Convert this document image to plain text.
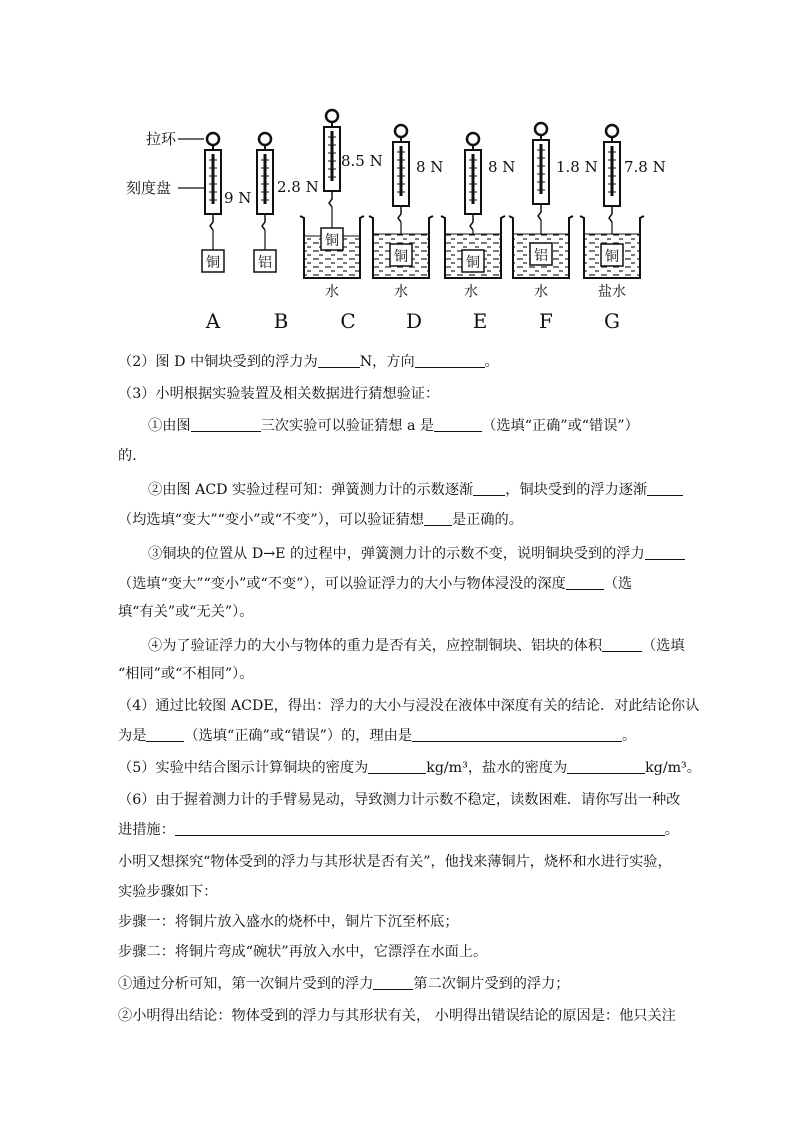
拉环
刻度盘
铜
9 N
A
铝
2.8 N
B
铜
8.5 N
水
C
铜
8 N
水
D
铜
8 N
水
E
铝
1.8 N
水
F
铜
7.8 N
盐水
G
（2）图 D 中铜块受到的浮力为	N，方向	。
（3）小明根据实验装置及相关数据进行猜想验证：
①由图	三次实验可以验证猜想 a 是	（选填“正确”或“错误”）
的.
②由图 ACD 实验过程可知：弹簧测力计的示数逐渐 ，铜块受到的浮力逐渐
（均选填“变大”“变小”或“不变”），可以验证猜想 是正确的。
③铜块的位置从 D→E 的过程中，弹簧测力计的示数不变，说明铜块受到的浮力
（选填“变大”“变小”或“不变”），可以验证浮力的大小与物体浸没的深度	（选
填“有关”或“无关”）。
④为了验证浮力的大小与物体的重力是否有关，应控制铜块、铝块的体积	（选填
“相同”或“不相同”）。
（4）通过比较图 ACDE，得出：浮力的大小与浸没在液体中深度有关的结论．对此结论你认
为是	（选填“正确”或“错误”）的，理由是	。
（5）实验中结合图示计算铜块的密度为	kg/m³，盐水的密度为	kg/m³。
（6）由于握着测力计的手臂易晃动，导致测力计示数不稳定，读数困难．请你写出一种改
进措施：	。
小明又想探究“物体受到的浮力与其形状是否有关”，他找来薄铜片，烧杯和水进行实验，
实验步骤如下：
步骤一：将铜片放入盛水的烧杯中，铜片下沉至杯底；
步骤二：将铜片弯成“碗状”再放入水中，它漂浮在水面上。
①通过分析可知，第一次铜片受到的浮力	第二次铜片受到的浮力；
②小明得出结论：物体受到的浮力与其形状有关， 小明得出错误结论的原因是：他只关注
